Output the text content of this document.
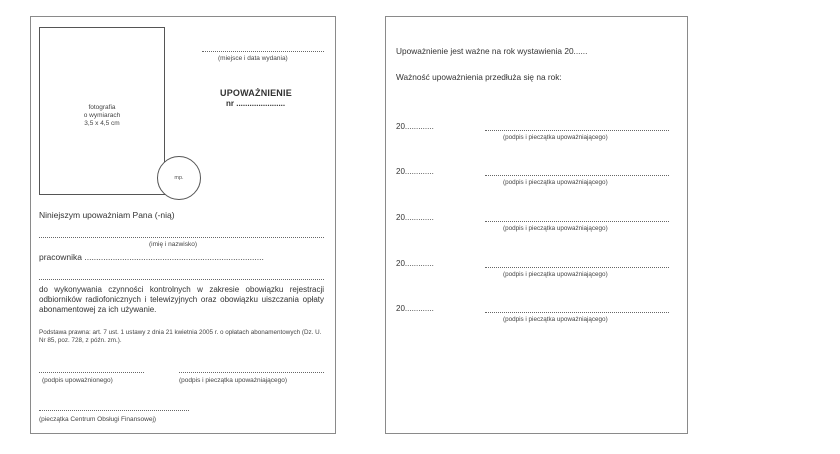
fotografia
o wymiarach
3,5 x 4,5 cm
mp.
(miejsce i data wydania)
UPOWAŻNIENIE
nr ......................
Niniejszym upoważniam Pana (-nią)
(imię i nazwisko)
pracownika ............................................................................
do wykonywania czynności kontrolnych w zakresie obowiązku rejestracji odbiorników radiofonicznych i telewizyjnych oraz obowiązku uiszczania opłaty abonamentowej za ich używanie.
Podstawa prawna: art. 7 ust. 1 ustawy z dnia 21 kwietnia 2005 r. o opłatach abonamentowych (Dz. U. Nr 85, poz. 728, z późn. zm.).
(podpis upoważnionego)	(podpis i pieczątka upoważniającego)
(pieczątka Centrum Obsługi Finansowej)
Upoważnienie jest ważne na rok wystawienia 20......
Ważność upoważnienia przedłuża się na rok:
20.............
(podpis i pieczątka upoważniającego)
20.............
(podpis i pieczątka upoważniającego)
20.............
(podpis i pieczątka upoważniającego)
20.............
(podpis i pieczątka upoważniającego)
20.............
(podpis i pieczątka upoważniającego)
